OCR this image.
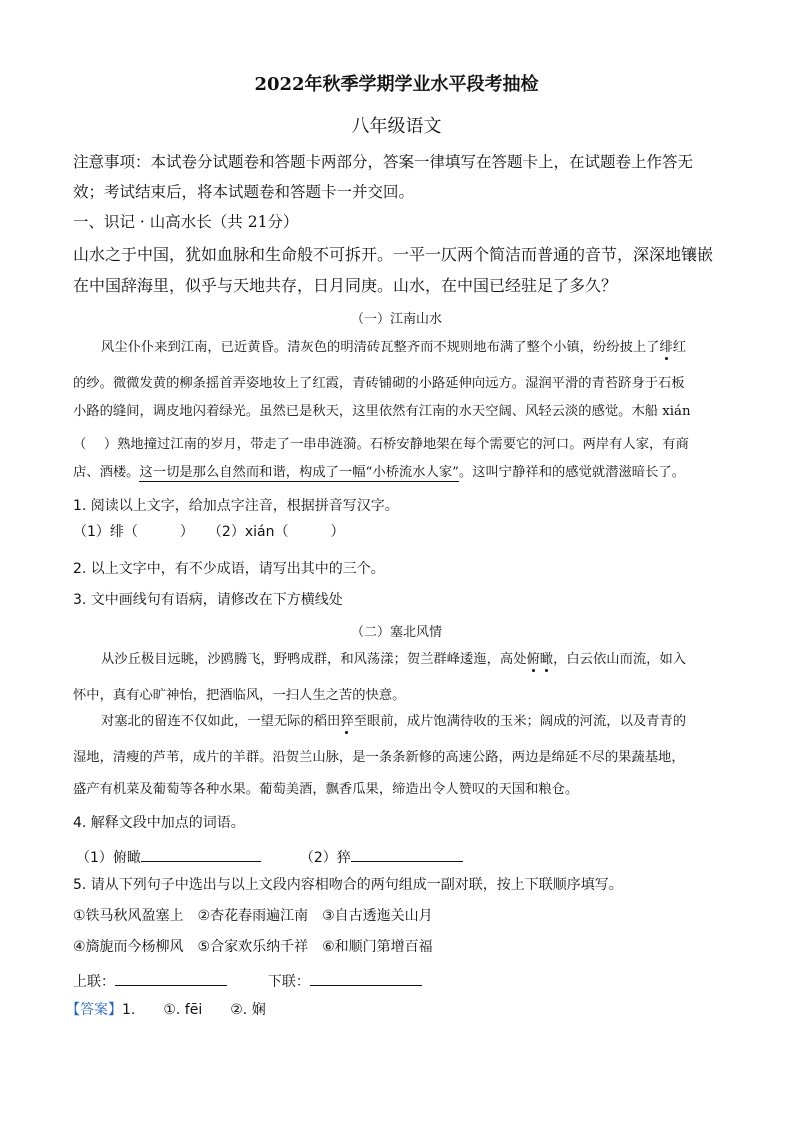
2022年秋季学期学业水平段考抽检
八年级语文
注意事项：本试卷分试题卷和答题卡两部分，答案一律填写在答题卡上，在试题卷上作答无
效；考试结束后，将本试题卷和答题卡一并交回。
一、识记 · 山高水长（共 21分）
山水之于中国，犹如血脉和生命般不可拆开。一平一仄两个简洁而普通的音节，深深地镶嵌
在中国辞海里，似乎与天地共存，日月同庚。山水，在中国已经驻足了多久？
（一）江南山水
风尘仆仆来到江南，已近黄昏。清灰色的明清砖瓦整齐而不规则地布满了整个小镇，纷纷披上了绯红
的纱。微微发黄的柳条摇首弄姿地妆上了红霞，青砖铺砌的小路延伸向远方。湿润平滑的青苔跻身于石板
小路的缝间，调皮地闪着绿光。虽然已是秋天，这里依然有江南的水天空阔、风轻云淡的感觉。木船 xián
（　 ）熟地撞过江南的岁月，带走了一串串涟漪。石桥安静地架在每个需要它的河口。两岸有人家，有商
店、酒楼。这一切是那么自然而和谐，构成了一幅“小桥流水人家”。这叫宁静祥和的感觉就潜滋暗长了。
1. 阅读以上文字，给加点字注音，根据拼音写汉字。
（1）绯（　　　）　　（2）xián（　　　）
2. 以上文字中，有不少成语，请写出其中的三个。
3. 文中画线句有语病，请修改在下方横线处
（二）塞北风情
从沙丘极目远眺，沙鸥腾飞，野鸭成群，和风荡漾；贺兰群峰逶迤，高处俯瞰，白云依山而流，如入
怀中，真有心旷神怡，把酒临风，一扫人生之苦的快意。
对塞北的留连不仅如此，一望无际的稻田猝至眼前，成片饱满待收的玉米；阔成的河流，以及青青的
湿地，清瘦的芦苇，成片的羊群。沿贺兰山脉，是一条条新修的高速公路，两边是绵延不尽的果蔬基地，
盛产有机菜及葡萄等各种水果。葡萄美酒，飘香瓜果，缔造出令人赞叹的天国和粮仓。
4. 解释文段中加点的词语。
（1）俯瞰	（2）猝
5. 请从下列句子中选出与以上文段内容相吻合的两句组成一副对联，按上下联顺序填写。
①铁马秋风盈塞上　②杏花春雨遍江南　③自古透迤关山月
④旖旎而今杨柳风　⑤合家欢乐纳千祥　⑥和顺门第增百福
上联：	下联：
【答案】1.　　①. fēi　　②. 娴
